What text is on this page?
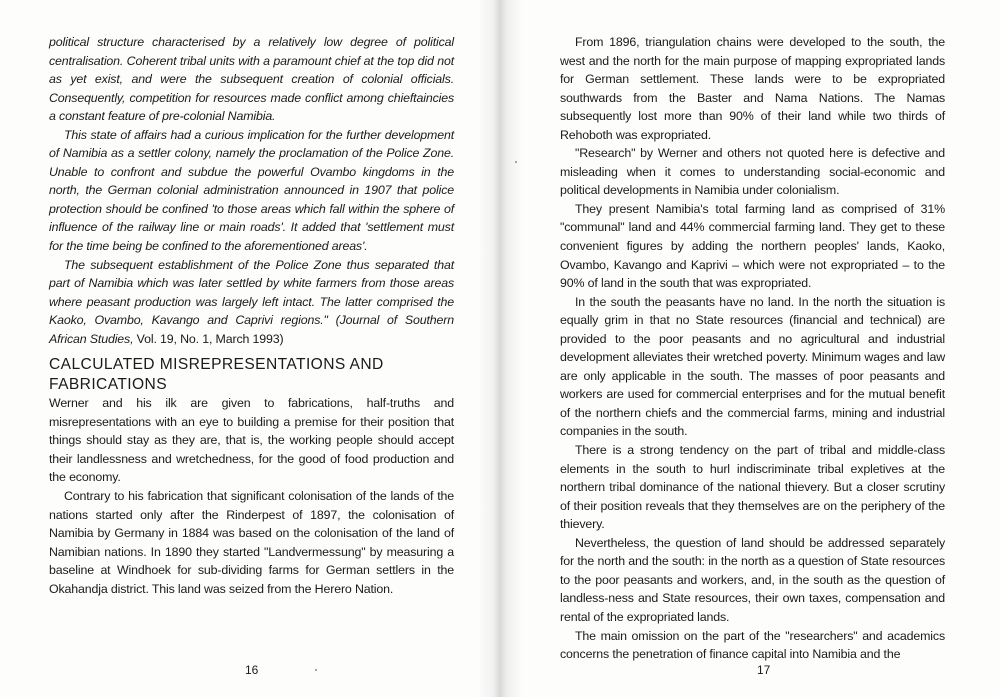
political structure characterised by a relatively low degree of political centralisation. Coherent tribal units with a paramount chief at the top did not as yet exist, and were the subsequent creation of colonial officials. Consequently, competition for resources made conflict among chieftaincies a constant feature of pre-colonial Namibia.

This state of affairs had a curious implication for the further development of Namibia as a settler colony, namely the proclamation of the Police Zone. Unable to confront and subdue the powerful Ovambo kingdoms in the north, the German colonial administration announced in 1907 that police protection should be confined 'to those areas which fall within the sphere of influence of the railway line or main roads'. It added that 'settlement must for the time being be confined to the aforementioned areas'.

The subsequent establishment of the Police Zone thus separated that part of Namibia which was later settled by white farmers from those areas where peasant production was largely left intact. The latter comprised the Kaoko, Ovambo, Kavango and Caprivi regions." (Journal of Southern African Studies, Vol. 19, No. 1, March 1993)

CALCULATED MISREPRESENTATIONS AND FABRICATIONS

Werner and his ilk are given to fabrications, half-truths and misrepresentations with an eye to building a premise for their position that things should stay as they are, that is, the working people should accept their landlessness and wretchedness, for the good of food production and the economy.

Contrary to his fabrication that significant colonisation of the lands of the nations started only after the Rinderpest of 1897, the colonisation of Namibia by Germany in 1884 was based on the colonisation of the land of Namibian nations. In 1890 they started "Landvermessung" by measuring a baseline at Windhoek for sub-dividing farms for German settlers in the Okahandja district. This land was seized from the Herero Nation.

From 1896, triangulation chains were developed to the south, the west and the north for the main purpose of mapping expropriated lands for German settlement. These lands were to be expropriated southwards from the Baster and Nama Nations. The Namas subsequently lost more than 90% of their land while two thirds of Rehoboth was expropriated.

"Research" by Werner and others not quoted here is defective and misleading when it comes to understanding social-economic and political developments in Namibia under colonialism.

They present Namibia's total farming land as comprised of 31% "communal" land and 44% commercial farming land. They get to these convenient figures by adding the northern peoples' lands, Kaoko, Ovambo, Kavango and Kaprivi – which were not expropriated – to the 90% of land in the south that was expropriated.

In the south the peasants have no land. In the north the situation is equally grim in that no State resources (financial and technical) are provided to the poor peasants and no agricultural and industrial development alleviates their wretched poverty. Minimum wages and law are only applicable in the south. The masses of poor peasants and workers are used for commercial enterprises and for the mutual benefit of the northern chiefs and the commercial farms, mining and industrial companies in the south.

There is a strong tendency on the part of tribal and middle-class elements in the south to hurl indiscriminate tribal expletives at the northern tribal dominance of the national thievery. But a closer scrutiny of their position reveals that they themselves are on the periphery of the thievery.

Nevertheless, the question of land should be addressed separately for the north and the south: in the north as a question of State resources to the poor peasants and workers, and, in the south as the question of landless-ness and State resources, their own taxes, compensation and rental of the expropriated lands.

The main omission on the part of the "researchers" and academics concerns the penetration of finance capital into Namibia and the

16	17
